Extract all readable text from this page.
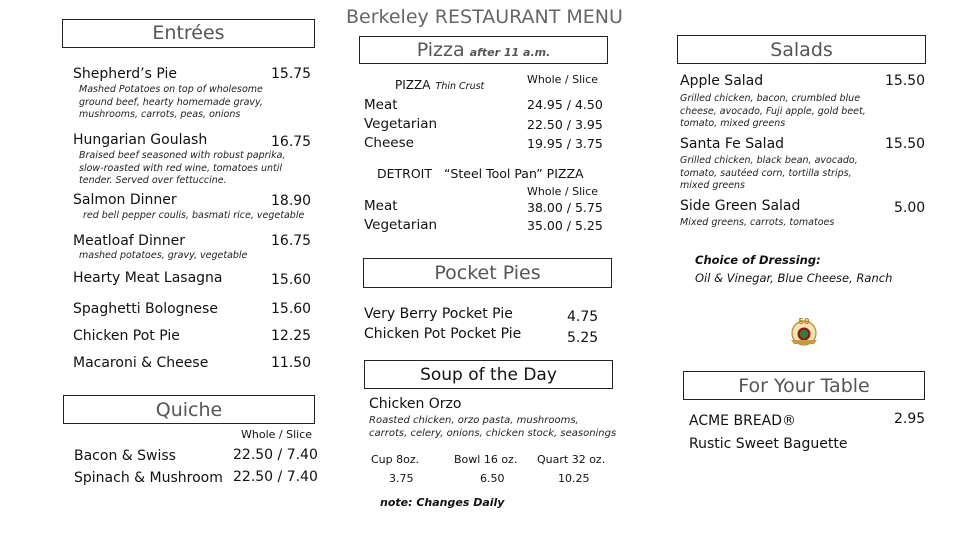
Berkeley RESTAURANT MENU
Entrées
Shepherd’s Pie	15.75
Mashed Potatoes on top of wholesome ground beef, hearty homemade gravy, mushrooms, carrots, peas, onions
Hungarian Goulash	16.75
Braised beef seasoned with robust paprika, slow-roasted with red wine, tomatoes until tender. Served over fettuccine.
Salmon Dinner	18.90
red bell pepper coulis, basmati rice, vegetable
Meatloaf Dinner	16.75
mashed potatoes, gravy, vegetable
Hearty Meat Lasagna	15.60
Spaghetti Bolognese	15.60
Chicken Pot Pie	12.25
Macaroni & Cheese	11.50
Quiche
Whole / Slice
Bacon & Swiss	22.50 / 7.40
Spinach & Mushroom 22.50 / 7.40
Pizza after 11 a.m.
PIZZA Thin Crust
Whole / Slice
Meat	24.95 / 4.50
Vegetarian	22.50 / 3.95
Cheese	19.95 / 3.75
DETROIT “Steel Tool Pan” PIZZA
Whole / Slice
Meat	38.00 / 5.75
Vegetarian	35.00 / 5.25
Pocket Pies
Very Berry Pocket Pie	4.75
Chicken Pot Pocket Pie	5.25
Soup of the Day
Chicken Orzo
Roasted chicken, orzo pasta, mushrooms, carrots, celery, onions, chicken stock, seasonings
Cup 8oz.	Bowl 16 oz. Quart 32 oz.
3.75	6.50	10.25
note: Changes Daily
Salads
Apple Salad	15.50
Grilled chicken, bacon, crumbled blue cheese, avocado, Fuji apple, gold beet, tomato, mixed greens
Santa Fe Salad	15.50
Grilled chicken, black bean, avocado, tomato, sautéed corn, tortilla strips, mixed greens
Side Green Salad	5.00
Mixed greens, carrots, tomatoes
Choice of Dressing:
Oil & Vinegar, Blue Cheese, Ranch
50
For Your Table
ACME BREAD®	2.95
Rustic Sweet Baguette
